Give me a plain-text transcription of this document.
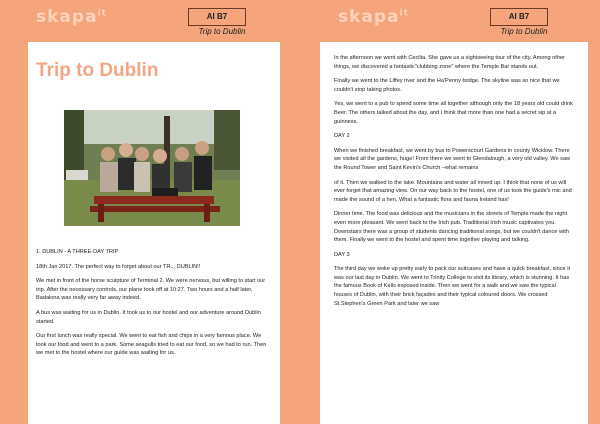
skapa$^{it}$	AI B7
Trip to Dublin
skapa$^{it}$	AI B7
Trip to Dublin
Trip to Dublin

1. DUBLIN - A THREE-DAY TRIP

18th Jan 2017. The perfect way to forget about our TR... DUBLIN!!

We met in front of the horse sculpture of Terminal 2. We were nervous, but willing to start our trip. After the necessary controls, our plane took off at 10:27. Two hours and a half later, Badalona was really very far away indeed.

A bus was waiting for us in Dublin. It took us to our hostel and our adventure around Dublin started.

Our first lunch was really special. We went to eat fish and chips in a very famous place. We took our food and went to a park. Some seagulls tried to eat our food, so we had to run. Then we met to the hostel where our guide was waiting for us.

In the afternoon we went with Cecilia. She gave us a sightseeing tour of the city. Among other things, we discovered a fantastic"clubbing zone" where the Temple Bar stands out.

Finally we went to the Liffey river and the Ha'Penny bridge. The skyline was so nice that we couldn't stop taking photos.

Yes, we went to a pub to spend some time all together although only the 18 years old could drink Beer. The others talked about the day, and I think that more than one had a secret sip at a guinness.

DAY 2

When we finished breakfast, we went by bus to Powerscourt Gardens in county Wicklow. There we visited all the gardens, huge! From there we went to Glendalough, a very old valley. We saw the Round Tower and Saint Kevin's Church –what remains

of it. Then we walked to the lake. Mountains and water all mixed up. I think that none of us will ever forget that amazing view. On our way back to the hostel, one of us took the guide's mic and made the sound of a hen. What a fantastic flora and fauna Ireland has!

Dinner time. The food was delicious and the musicians in the streets of Temple made the night even more pleasant. We went back to the Irish pub. Traditional Irish music captivates you. Downstairs there was a group of students dancing traditional songs, but we couldn't dance with them. Finally we went to the hostel and spent time together playing and talking.

DAY 3

The third day we woke up pretty early to pack our suitcases and have a quick breakfast, since it was our last day in Dublin. We went to Trinity College to visit its library, which is stunning. It has the famous Book of Kells exposed inside. Then we went for a walk and we saw the typical houses of Dublin, with their brick façades and their typical coloured doors. We crossed St.Stephen's Green Park and later we saw
